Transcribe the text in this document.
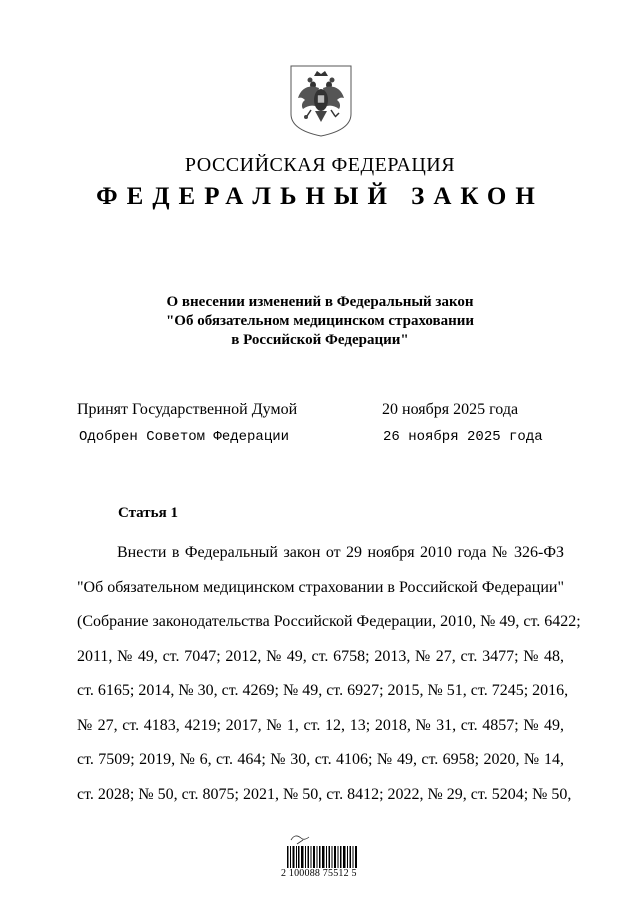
РОССИЙСКАЯ ФЕДЕРАЦИЯ
ФЕДЕРАЛЬНЫЙ ЗАКОН
О внесении изменений в Федеральный закон
"Об обязательном медицинском страховании
в Российской Федерации"
Принят Государственной Думой	20 ноября 2025 года
Одобрен Советом Федерации	26 ноября 2025 года
Статья 1
Внести в Федеральный закон от 29 ноября 2010 года № 326-ФЗ
"Об обязательном медицинском страховании в Российской Федерации"
(Собрание законодательства Российской Федерации, 2010, № 49, ст. 6422;
2011, № 49, ст. 7047; 2012, № 49, ст. 6758; 2013, № 27, ст. 3477; № 48,
ст. 6165; 2014, № 30, ст. 4269; № 49, ст. 6927; 2015, № 51, ст. 7245; 2016,
№ 27, ст. 4183, 4219; 2017, № 1, ст. 12, 13; 2018, № 31, ст. 4857; № 49,
ст. 7509; 2019, № 6, ст. 464; № 30, ст. 4106; № 49, ст. 6958; 2020, № 14,
ст. 2028; № 50, ст. 8075; 2021, № 50, ст. 8412; 2022, № 29, ст. 5204; № 50,
2 100088 75512 5
